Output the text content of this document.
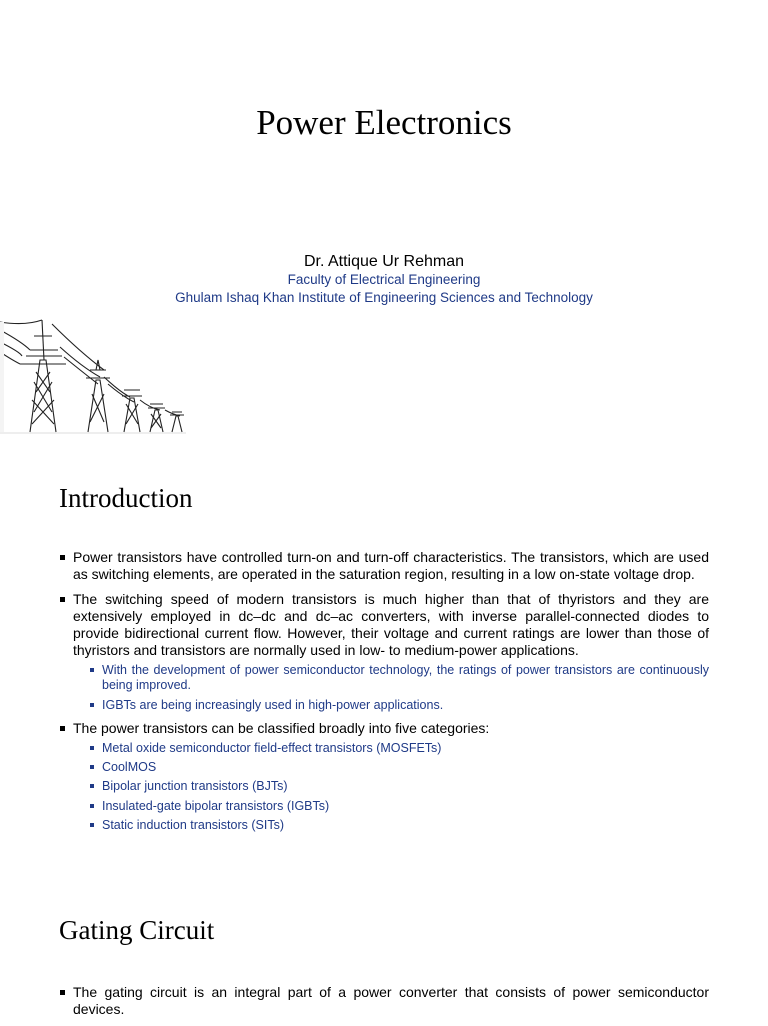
Power Electronics
Dr. Attique Ur Rehman
Faculty of Electrical Engineering
Ghulam Ishaq Khan Institute of Engineering Sciences and Technology
Introduction
Power transistors have controlled turn-on and turn-off characteristics. The transistors, which are used as switching elements, are operated in the saturation region, resulting in a low on-state voltage drop.
The switching speed of modern transistors is much higher than that of thyristors and they are extensively employed in dc–dc and dc–ac converters, with inverse parallel-connected diodes to provide bidirectional current flow. However, their voltage and current ratings are lower than those of thyristors and transistors are normally used in low- to medium-power applications.
With the development of power semiconductor technology, the ratings of power transistors are continuously being improved.
IGBTs are being increasingly used in high-power applications.
The power transistors can be classified broadly into five categories:
Metal oxide semiconductor field-effect transistors (MOSFETs)
CoolMOS
Bipolar junction transistors (BJTs)
Insulated-gate bipolar transistors (IGBTs)
Static induction transistors (SITs)
Gating Circuit
The gating circuit is an integral part of a power converter that consists of power semiconductor devices.
